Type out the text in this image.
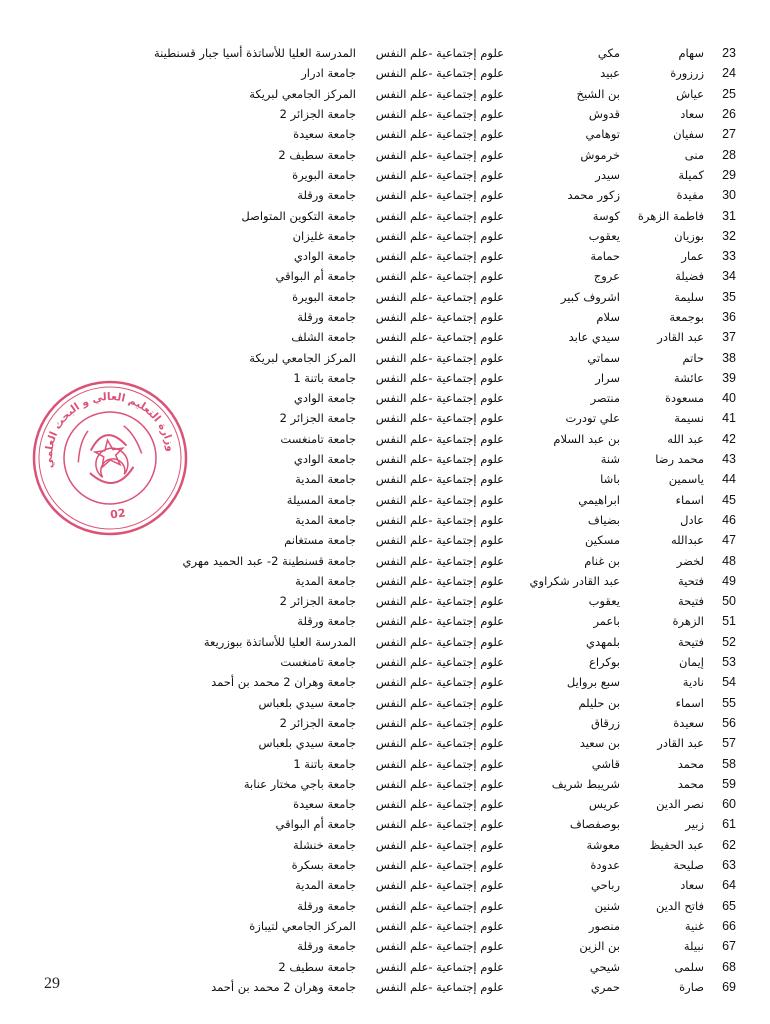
23
سهام
مكي
علوم إجتماعية -علم النفس
المدرسة العليا للأساتذة أسيا جبار قسنطينة
24
زرزورة
عبيد
علوم إجتماعية -علم النفس
جامعة ادرار
25
عياش
بن الشيخ
علوم إجتماعية -علم النفس
المركز الجامعي لبريكة
26
سعاد
قدوش
علوم إجتماعية -علم النفس
جامعة الجزائر 2
27
سفيان
توهامي
علوم إجتماعية -علم النفس
جامعة سعيدة
28
منى
خرموش
علوم إجتماعية -علم النفس
جامعة سطيف 2
29
كميلة
سيدر
علوم إجتماعية -علم النفس
جامعة البويرة
30
مفيدة
زكور محمد
علوم إجتماعية -علم النفس
جامعة ورقلة
31
فاطمة الزهرة
كوسة
علوم إجتماعية -علم النفس
جامعة التكوين المتواصل
32
بوزيان
يعقوب
علوم إجتماعية -علم النفس
جامعة غليزان
33
عمار
حمامة
علوم إجتماعية -علم النفس
جامعة الوادي
34
فضيلة
عروج
علوم إجتماعية -علم النفس
جامعة أم البواقي
35
سليمة
اشروف كبير
علوم إجتماعية -علم النفس
جامعة البويرة
36
بوجمعة
سلام
علوم إجتماعية -علم النفس
جامعة ورقلة
37
عبد القادر
سيدي عابد
علوم إجتماعية -علم النفس
جامعة الشلف
38
حاتم
سماتي
علوم إجتماعية -علم النفس
المركز الجامعي لبريكة
39
عائشة
سرار
علوم إجتماعية -علم النفس
جامعة باتنة 1
40
مسعودة
منتصر
علوم إجتماعية -علم النفس
جامعة الوادي
41
نسيمة
علي تودرت
علوم إجتماعية -علم النفس
جامعة الجزائر 2
42
عبد الله
بن عبد السلام
علوم إجتماعية -علم النفس
جامعة تامنغست
43
محمد رضا
شنة
علوم إجتماعية -علم النفس
جامعة الوادي
44
ياسمين
باشا
علوم إجتماعية -علم النفس
جامعة المدية
45
اسماء
ابراهيمي
علوم إجتماعية -علم النفس
جامعة المسيلة
46
عادل
بضياف
علوم إجتماعية -علم النفس
جامعة المدية
47
عبدالله
مسكين
علوم إجتماعية -علم النفس
جامعة مستغانم
48
لخضر
بن غنام
علوم إجتماعية -علم النفس
جامعة قسنطينة 2- عبد الحميد مهري
49
فتحية
عبد القادر شكراوي
علوم إجتماعية -علم النفس
جامعة المدية
50
فتيحة
يعقوب
علوم إجتماعية -علم النفس
جامعة الجزائر 2
51
الزهرة
باعمر
علوم إجتماعية -علم النفس
جامعة ورقلة
52
فتيحة
بلمهدي
علوم إجتماعية -علم النفس
المدرسة العليا للأساتذة ببوزريعة
53
إيمان
بوكراع
علوم إجتماعية -علم النفس
جامعة تامنغست
54
نادية
سبع بروايل
علوم إجتماعية -علم النفس
جامعة وهران 2 محمد بن أحمد
55
اسماء
بن حليلم
علوم إجتماعية -علم النفس
جامعة سيدي بلعباس
56
سعيدة
زرقاق
علوم إجتماعية -علم النفس
جامعة الجزائر 2
57
عبد القادر
بن سعيد
علوم إجتماعية -علم النفس
جامعة سيدي بلعباس
58
محمد
قاشي
علوم إجتماعية -علم النفس
جامعة باتنة 1
59
محمد
شريبط شريف
علوم إجتماعية -علم النفس
جامعة باجي مختار عنابة
60
نصر الدين
عريس
علوم إجتماعية -علم النفس
جامعة سعيدة
61
زبير
بوصفصاف
علوم إجتماعية -علم النفس
جامعة أم البواقي
62
عبد الحفيظ
معوشة
علوم إجتماعية -علم النفس
جامعة خنشلة
63
صليحة
عدودة
علوم إجتماعية -علم النفس
جامعة بسكرة
64
سعاد
رباحي
علوم إجتماعية -علم النفس
جامعة المدية
65
فاتح الدين
شنين
علوم إجتماعية -علم النفس
جامعة ورقلة
66
غنية
منصور
علوم إجتماعية -علم النفس
المركز الجامعي لتيبازة
67
نبيلة
بن الزين
علوم إجتماعية -علم النفس
جامعة ورقلة
68
سلمى
شيحي
علوم إجتماعية -علم النفس
جامعة سطيف 2
69
صارة
حمري
علوم إجتماعية -علم النفس
جامعة وهران 2 محمد بن أحمد
وزارة التعليم العالي و البحث العلمي
02
29
